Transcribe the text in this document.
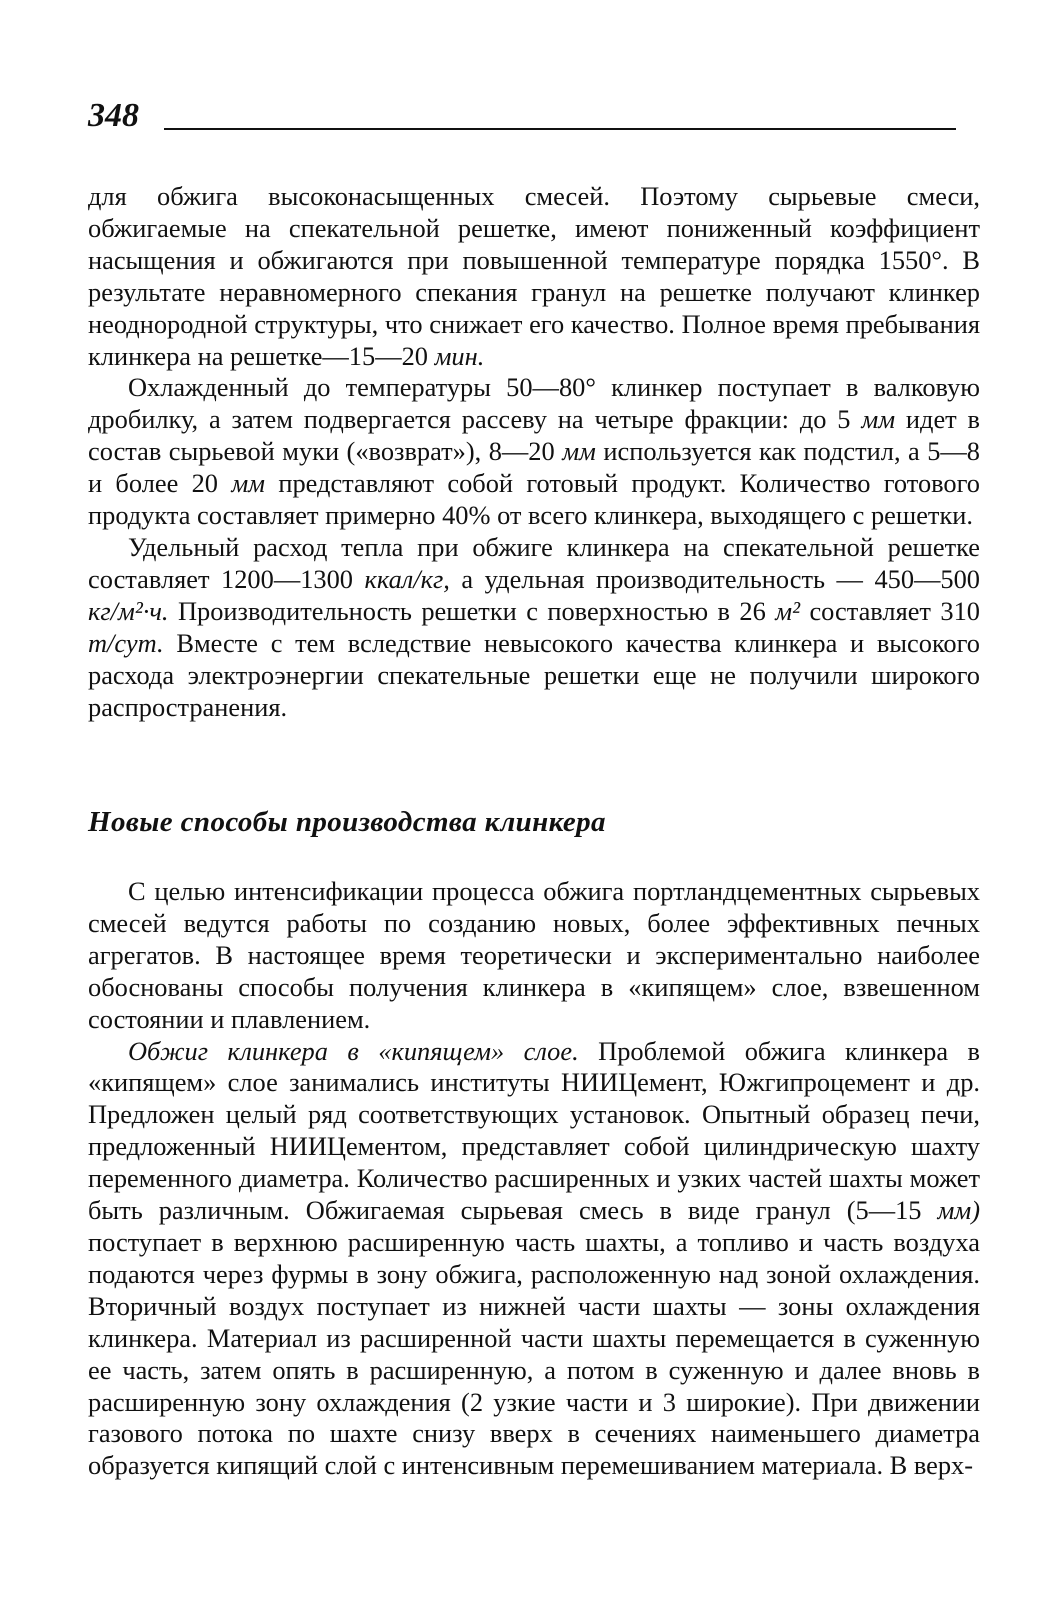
348

для обжига высоконасыщенных смесей. Поэтому сырьевые смеси, обжигаемые на спекательной решетке, имеют пониженный коэффициент насыщения и обжигаются при повышенной температуре порядка 1550°. В результате неравномерного спекания гранул на решетке получают клинкер неоднородной структуры, что снижает его качество. Полное время пребывания клинкера на решетке—15—20 мин.

Охлажденный до температуры 50—80° клинкер поступает в валковую дробилку, а затем подвергается рассеву на четыре фракции: до 5 мм идет в состав сырьевой муки («возврат»), 8—20 мм используется как подстил, а 5—8 и более 20 мм представляют собой готовый продукт. Количество готового продукта составляет примерно 40% от всего клинкера, выходящего с решетки.

Удельный расход тепла при обжиге клинкера на спекательной решетке составляет 1200—1300 ккал/кг, а удельная производительность — 450—500 кг/м²·ч. Производительность решетки с поверхностью в 26 м² составляет 310 т/сут. Вместе с тем вследствие невысокого качества клинкера и высокого расхода электроэнергии спекательные решетки еще не получили широкого распространения.

Новые способы производства клинкера

С целью интенсификации процесса обжига портландцементных сырьевых смесей ведутся работы по созданию новых, более эффективных печных агрегатов. В настоящее время теоретически и экспериментально наиболее обоснованы способы получения клинкера в «кипящем» слое, взвешенном состоянии и плавлением.

Обжиг клинкера в «кипящем» слое. Проблемой обжига клинкера в «кипящем» слое занимались институты НИИЦемент, Южгипроцемент и др. Предложен целый ряд соответствующих установок. Опытный образец печи, предложенный НИИЦементом, представляет собой цилиндрическую шахту переменного диаметра. Количество расширенных и узких частей шахты может быть различным. Обжигаемая сырьевая смесь в виде гранул (5—15 мм) поступает в верхнюю расширенную часть шахты, а топливо и часть воздуха подаются через фурмы в зону обжига, расположенную над зоной охлаждения. Вторичный воздух поступает из нижней части шахты — зоны охлаждения клинкера. Материал из расширенной части шахты перемещается в суженную ее часть, затем опять в расширенную, а потом в суженную и далее вновь в расширенную зону охлаждения (2 узкие части и 3 широкие). При движении газового потока по шахте снизу вверх в сечениях наименьшего диаметра образуется кипящий слой с интенсивным перемешиванием материала. В верх-
